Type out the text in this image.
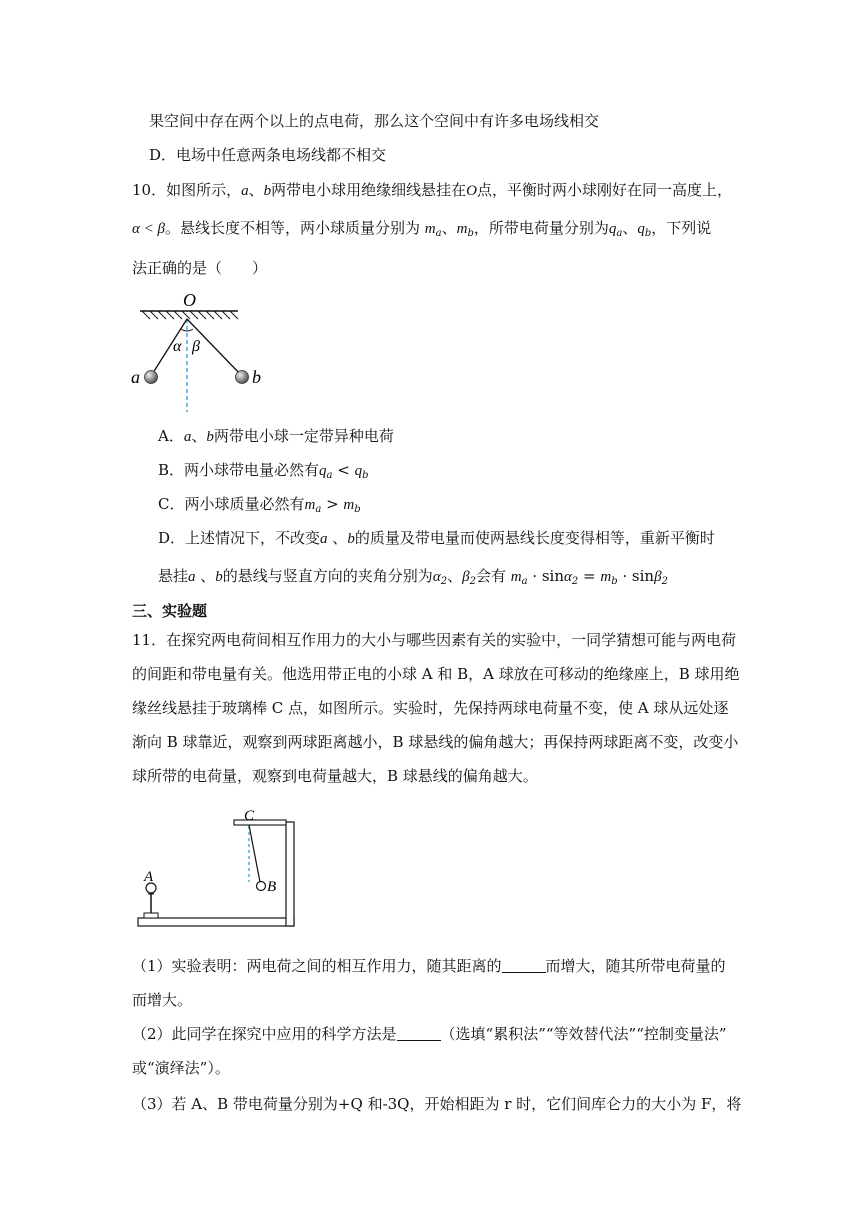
果空间中存在两个以上的点电荷，那么这个空间中有许多电场线相交
D．电场中任意两条电场线都不相交
10．如图所示，a、b两带电小球用绝缘细线悬挂在O点，平衡时两小球刚好在同一高度上，
α < β。悬线长度不相等，两小球质量分别为 $m_a$、$m_b$，所带电荷量分别为$q_a$、$q_b$，下列说
法正确的是（　　）
O
α β
a	b
A．a、b两带电小球一定带异种电荷
B．两小球带电量必然有$q_a < q_b$
C．两小球质量必然有$m_a > m_b$
D．上述情况下，不改变a 、b的质量及带电量而使两悬线长度变得相等，重新平衡时
悬挂a 、b的悬线与竖直方向的夹角分别为$\alpha_2$、$\beta_2$会有 $m_a \cdot \sin\alpha_2 = m_b \cdot \sin\beta_2$
三、实验题
11．在探究两电荷间相互作用力的大小与哪些因素有关的实验中，一同学猜想可能与两电荷
的间距和带电量有关。他选用带正电的小球 A 和 B，A 球放在可移动的绝缘座上，B 球用绝
缘丝线悬挂于玻璃棒 C 点，如图所示。实验时，先保持两球电荷量不变，使 A 球从远处逐
渐向 B 球靠近，观察到两球距离越小，B 球悬线的偏角越大；再保持两球距离不变，改变小
球所带的电荷量，观察到电荷量越大，B 球悬线的偏角越大。
B
C
A
（1）实验表明：两电荷之间的相互作用力，随其距离的	而增大，随其所带电荷量的
而增大。
（2）此同学在探究中应用的科学方法是	（选填“累积法”“等效替代法”“控制变量法”
或“演绎法”）。
（3）若 A、B 带电荷量分别为+Q 和-3Q，开始相距为 r 时，它们间库仑力的大小为 F，将
